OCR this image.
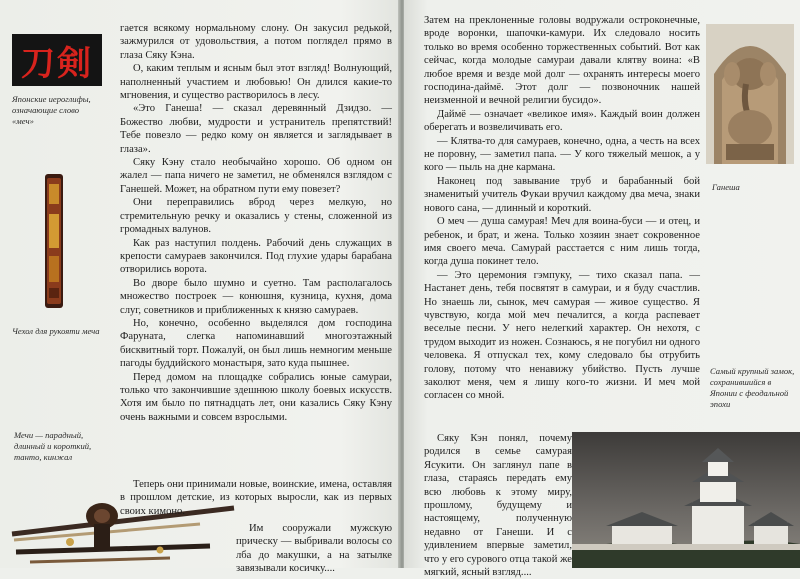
刀剣
Японские иероглифы, означающие слово «меч»
Чехол для рукояти меча
Мечи — парадный, длинный и короткий, танто, кинжал

гается всякому нормальному слону. Он закусил редькой, зажмурился от удовольствия, а потом поглядел прямо в глаза Сяку Кэна.

О, каким теплым и ясным был этот взгляд! Волнующий, наполненный участием и любовью! Он длился какие-то мгновения, и существо растворилось в лесу.

«Это Ганеша! — сказал деревянный Дзидзо. — Божество любви, мудрости и устранитель препятствий! Тебе повезло — редко кому он является и заглядывает в глаза».

Сяку Кэну стало необычайно хорошо. Об одном он жалел — папа ничего не заметил, не обменялся взглядом с Ганешей. Может, на обратном пути ему повезет?

Они переправились вброд через мелкую, но стремительную речку и оказались у стены, сложенной из громадных валунов.

Как раз наступил полдень. Рабочий день служащих в крепости самураев закончился. Под глухие удары барабана отворились ворота.

Во дворе было шумно и суетно. Там располагалось множество построек — конюшня, кузница, кухня, дома слуг, советников и приближенных к князю самураев.

Но, конечно, особенно выделялся дом господина Фаруната, слегка напоминавший многоэтажный бисквитный торт. Пожалуй, он был лишь немногим меньше пагоды буддийского монастыря, зато куда пышнее.

Перед домом на площадке собрались юные самураи, только что закончившие здешнюю школу боевых искусств. Хотя им было по пятнадцать лет, они казались Сяку Кэну очень важными и совсем взрослыми.

Теперь они принимали новые, воинские, имена, оставляя в прошлом детские, из которых выросли, как из первых своих кимоно.

Им сооружали мужскую прическу — выбривали волосы со лба до макушки, а на затылке завязывали косичку....

Затем на преклоненные головы водружали остроконечные, вроде воронки, шапочки-камури. Их следовало носить только во время особенно торжественных событий. Вот как сейчас, когда молодые самураи давали клятву воина: «В любое время и везде мой долг — охранять интересы моего господина-даймё. Этот долг — позвоночник нашей неизменной и вечной религии бусидо».

Даймё — означает «великое имя». Каждый воин должен оберегать и возвеличивать его.

— Клятва-то для самураев, конечно, одна, а честь на всех не поровну, — заметил папа. — У кого тяжелый мешок, а у кого — пыль на дне кармана.

Наконец под завывание труб и барабанный бой знаменитый учитель Фукаи вручил каждому два меча, знаки нового сана, — длинный и короткий.

О меч — душа самурая! Меч для воина-буси — и отец, и ребенок, и брат, и жена. Только хозяин знает сокровенное имя своего меча. Самурай расстается с ним лишь тогда, когда душа покинет тело.

— Это церемония гэмпуку, — тихо сказал папа. — Настанет день, тебя посвятят в самураи, и я буду счастлив. Но знаешь ли, сынок, меч самурая — живое существо. Я чувствую, когда мой меч печалится, а когда распевает веселые песни. У него нелегкий характер. Он нехотя, с трудом выходит из ножен. Сознаюсь, я не погубил ни одного человека. Я отпускал тех, кому следовало бы отрубить голову, потому что ненавижу убийство. Пусть лучше заколют меня, чем я лишу кого-то жизни. И меч мой согласен со мной.

Сяку Кэн понял, почему родился в семье самурая Ясукити. Он заглянул папе в глаза, стараясь передать ему всю любовь к этому миру, прошлому, будущему и настоящему, полученную недавно от Ганеши. И с удивлением впервые заметил, что у его сурового отца такой же мягкий, ясный взгляд....

Ганеша
Самый крупный замок, сохранившийся в Японии с феодальной эпохи
